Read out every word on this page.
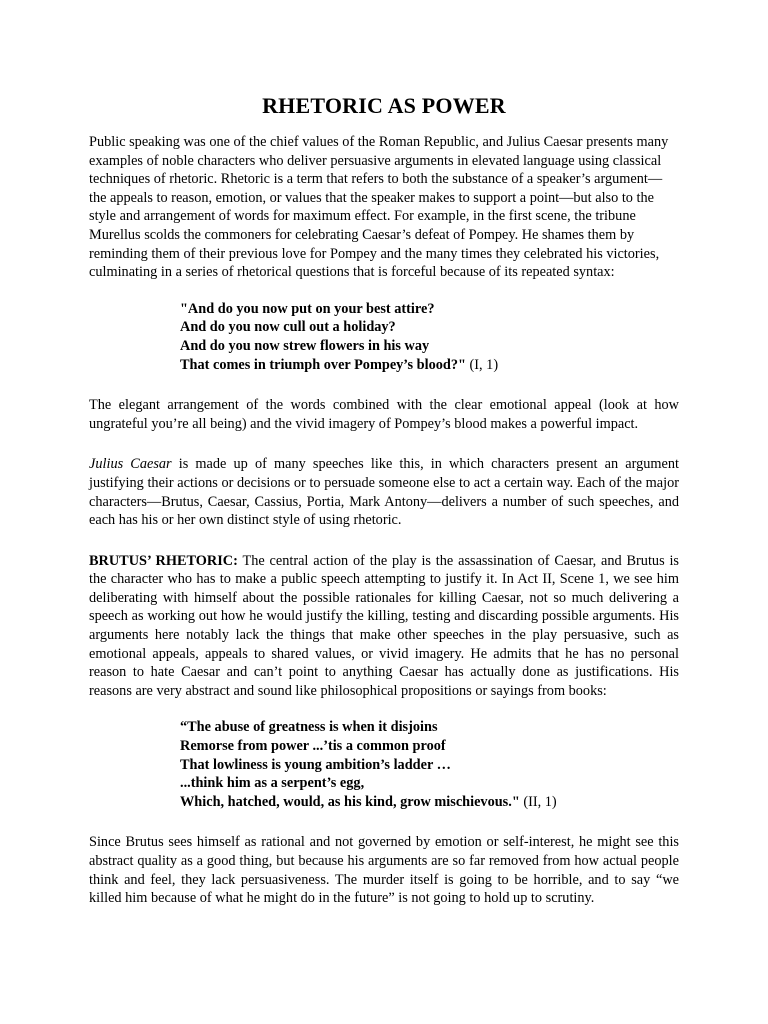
RHETORIC AS POWER

Public speaking was one of the chief values of the Roman Republic, and Julius Caesar presents many examples of noble characters who deliver persuasive arguments in elevated language using classical techniques of rhetoric. Rhetoric is a term that refers to both the substance of a speaker’s argument—the appeals to reason, emotion, or values that the speaker makes to support a point—but also to the style and arrangement of words for maximum effect. For example, in the first scene, the tribune Murellus scolds the commoners for celebrating Caesar’s defeat of Pompey. He shames them by reminding them of their previous love for Pompey and the many times they celebrated his victories, culminating in a series of rhetorical questions that is forceful because of its repeated syntax:

"And do you now put on your best attire?
And do you now cull out a holiday?
And do you now strew flowers in his way
That comes in triumph over Pompey’s blood?" (I, 1)

The elegant arrangement of the words combined with the clear emotional appeal (look at how ungrateful you’re all being) and the vivid imagery of Pompey’s blood makes a powerful impact.

Julius Caesar is made up of many speeches like this, in which characters present an argument justifying their actions or decisions or to persuade someone else to act a certain way. Each of the major characters—Brutus, Caesar, Cassius, Portia, Mark Antony—delivers a number of such speeches, and each has his or her own distinct style of using rhetoric.

BRUTUS’ RHETORIC: The central action of the play is the assassination of Caesar, and Brutus is the character who has to make a public speech attempting to justify it. In Act II, Scene 1, we see him deliberating with himself about the possible rationales for killing Caesar, not so much delivering a speech as working out how he would justify the killing, testing and discarding possible arguments. His arguments here notably lack the things that make other speeches in the play persuasive, such as emotional appeals, appeals to shared values, or vivid imagery. He admits that he has no personal reason to hate Caesar and can’t point to anything Caesar has actually done as justifications. His reasons are very abstract and sound like philosophical propositions or sayings from books:

“The abuse of greatness is when it disjoins
Remorse from power ...’tis a common proof
That lowliness is young ambition’s ladder …
...think him as a serpent’s egg,
Which, hatched, would, as his kind, grow mischievous." (II, 1)

Since Brutus sees himself as rational and not governed by emotion or self-interest, he might see this abstract quality as a good thing, but because his arguments are so far removed from how actual people think and feel, they lack persuasiveness. The murder itself is going to be horrible, and to say “we killed him because of what he might do in the future” is not going to hold up to scrutiny.
